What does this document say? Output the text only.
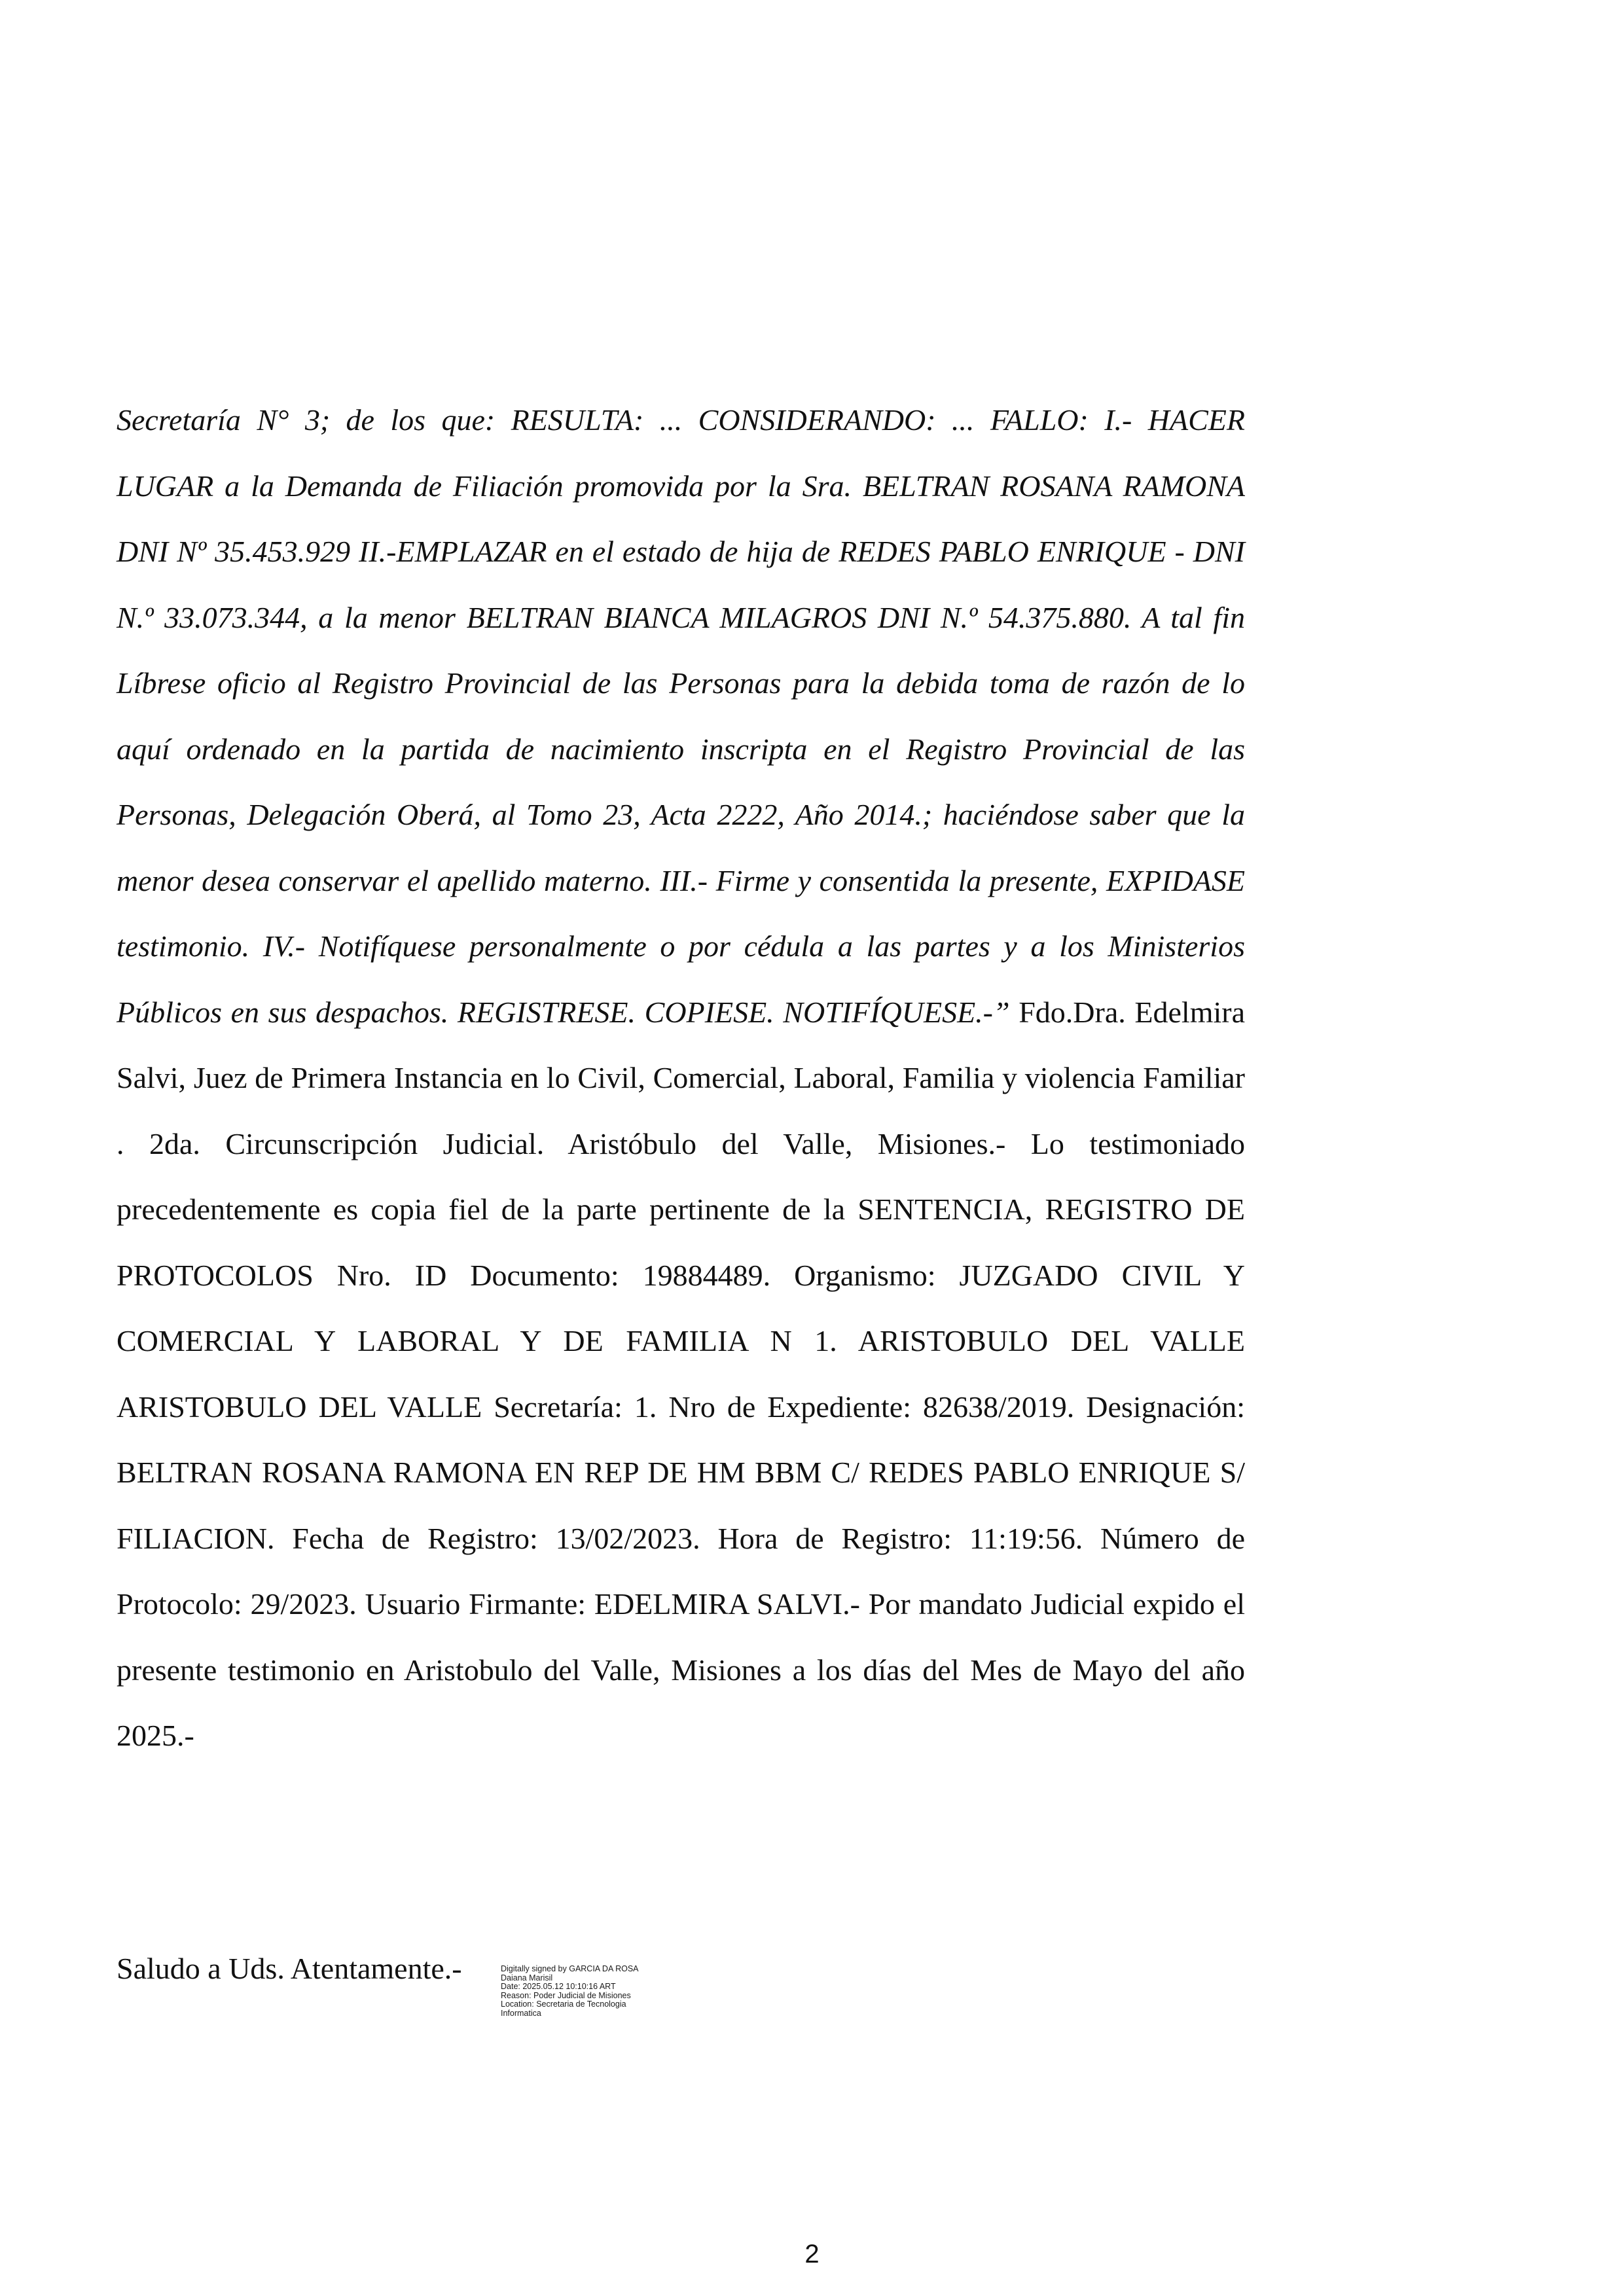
Secretaría N° 3; de los que: RESULTA: ... CONSIDERANDO: ... FALLO: I.- HACER LUGAR a la Demanda de Filiación promovida por la Sra. BELTRAN ROSANA RAMONA DNI Nº 35.453.929 II.-EMPLAZAR en el estado de hija de REDES PABLO ENRIQUE - DNI N.º 33.073.344, a la menor BELTRAN BIANCA MILAGROS DNI N.º 54.375.880. A tal fin Líbrese oficio al Registro Provincial de las Personas para la debida toma de razón de lo aquí ordenado en la partida de nacimiento inscripta en el Registro Provincial de las Personas, Delegación Oberá, al Tomo 23, Acta 2222, Año 2014.; haciéndose saber que la menor desea conservar el apellido materno. III.- Firme y consentida la presente, EXPIDASE testimonio. IV.- Notifíquese personalmente o por cédula a las partes y a los Ministerios Públicos en sus despachos. REGISTRESE. COPIESE. NOTIFÍQUESE.-” Fdo.Dra. Edelmira Salvi, Juez de Primera Instancia en lo Civil, Comercial, Laboral, Familia y violencia Familiar . 2da. Circunscripción Judicial. Aristóbulo del Valle, Misiones.- Lo testimoniado precedentemente es copia fiel de la parte pertinente de la SENTENCIA, REGISTRO DE PROTOCOLOS Nro. ID Documento: 19884489. Organismo: JUZGADO CIVIL Y COMERCIAL Y LABORAL Y DE FAMILIA N 1. ARISTOBULO DEL VALLE ARISTOBULO DEL VALLE Secretaría: 1. Nro de Expediente: 82638/2019. Designación: BELTRAN ROSANA RAMONA EN REP DE HM BBM C/ REDES PABLO ENRIQUE S/ FILIACION. Fecha de Registro: 13/02/2023. Hora de Registro: 11:19:56. Número de Protocolo: 29/2023. Usuario Firmante: EDELMIRA SALVI.- Por mandato Judicial expido el presente testimonio en Aristobulo del Valle, Misiones a los días del Mes de Mayo del año 2025.-

Saludo a Uds. Atentamente.-	Digitally signed by GARCIA DA ROSA
Daiana Marisil
Date: 2025.05.12 10:10:16 ART
Reason: Poder Judicial de Misiones
Location: Secretaria de Tecnologia
Informatica
2
